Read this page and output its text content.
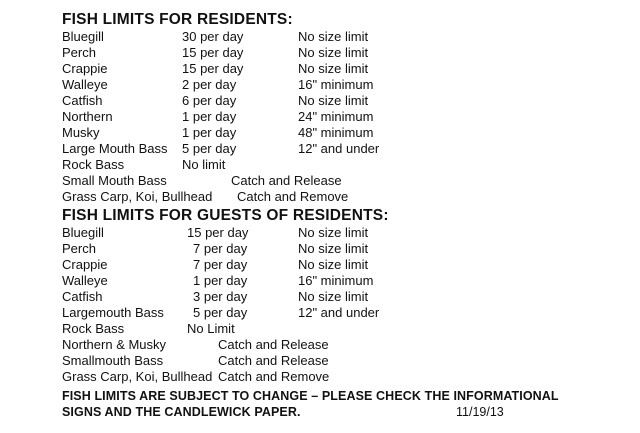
FISH LIMITS FOR RESIDENTS:
Bluegill	30 per day	No size limit
Perch	15 per day	No size limit
Crappie	15 per day	No size limit
Walleye	2 per day	16" minimum
Catfish	6 per day	No size limit
Northern	1 per day	24" minimum
Musky	1 per day	48" minimum
Large Mouth Bass 5 per day	12" and under
Rock Bass	No limit
Small Mouth Bass	Catch and Release
Grass Carp, Koi, Bullhead Catch and Remove
FISH LIMITS FOR GUESTS OF RESIDENTS:
Bluegill	15 per day	No size limit
Perch	7 per day	No size limit
Crappie	7 per day	No size limit
Walleye	1 per day	16" minimum
Catfish	3 per day	No size limit
Largemouth Bass 5 per day	12" and under
Rock Bass	No Limit
Northern & Musky	Catch and Release
Smallmouth Bass	Catch and Release
Grass Carp, Koi, Bullhead Catch and Remove
FISH LIMITS ARE SUBJECT TO CHANGE – PLEASE CHECK THE INFORMATIONAL
SIGNS AND THE CANDLEWICK PAPER.	11/19/13
